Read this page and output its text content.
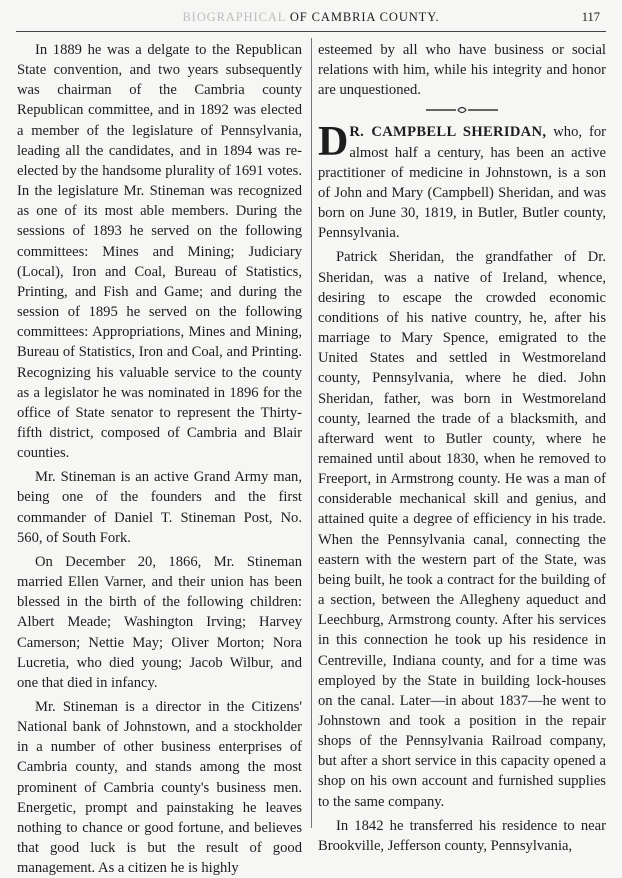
BIOGRAPHICAL OF CAMBRIA COUNTY.	117

In 1889 he was a delgate to the Republican State convention, and two years subsequently was chairman of the Cambria county Republican committee, and in 1892 was elected a member of the legislature of Pennsylvania, leading all the candidates, and in 1894 was re-elected by the handsome plurality of 1691 votes. In the legislature Mr. Stineman was recognized as one of its most able members. During the sessions of 1893 he served on the following committees: Mines and Mining; Judiciary (Local), Iron and Coal, Bureau of Statistics, Printing, and Fish and Game; and during the session of 1895 he served on the following committees: Appropriations, Mines and Mining, Bureau of Statistics, Iron and Coal, and Printing. Recognizing his valuable service to the county as a legislator he was nominated in 1896 for the office of State senator to represent the Thirty-fifth district, composed of Cambria and Blair counties.

Mr. Stineman is an active Grand Army man, being one of the founders and the first commander of Daniel T. Stineman Post, No. 560, of South Fork.

On December 20, 1866, Mr. Stineman married Ellen Varner, and their union has been blessed in the birth of the following children: Albert Meade; Washington Irving; Harvey Camerson; Nettie May; Oliver Morton; Nora Lucretia, who died young; Jacob Wilbur, and one that died in infancy.

Mr. Stineman is a director in the Citizens' National bank of Johnstown, and a stockholder in a number of other business enterprises of Cambria county, and stands among the most prominent of Cambria county's business men. Energetic, prompt and painstaking he leaves nothing to chance or good fortune, and believes that good luck is but the result of good management. As a citizen he is highly

esteemed by all who have business or social relations with him, while his integrity and honor are unquestioned.

D R. CAMPBELL SHERIDAN, who, for almost half a century, has been an active practitioner of medicine in Johnstown, is a son of John and Mary (Campbell) Sheridan, and was born on June 30, 1819, in Butler, Butler county, Pennsylvania.

Patrick Sheridan, the grandfather of Dr. Sheridan, was a native of Ireland, whence, desiring to escape the crowded economic conditions of his native country, he, after his marriage to Mary Spence, emigrated to the United States and settled in Westmoreland county, Pennsylvania, where he died. John Sheridan, father, was born in Westmoreland county, learned the trade of a blacksmith, and afterward went to Butler county, where he remained until about 1830, when he removed to Freeport, in Armstrong county. He was a man of considerable mechanical skill and genius, and attained quite a degree of efficiency in his trade. When the Pennsylvania canal, connecting the eastern with the western part of the State, was being built, he took a contract for the building of a section, between the Allegheny aqueduct and Leechburg, Armstrong county. After his services in this connection he took up his residence in Centreville, Indiana county, and for a time was employed by the State in building lock-houses on the canal. Later—in about 1837—he went to Johnstown and took a position in the repair shops of the Pennsylvania Railroad company, but after a short service in this capacity opened a shop on his own account and furnished supplies to the same company.

In 1842 he transferred his residence to near Brookville, Jefferson county, Pennsylvania,
